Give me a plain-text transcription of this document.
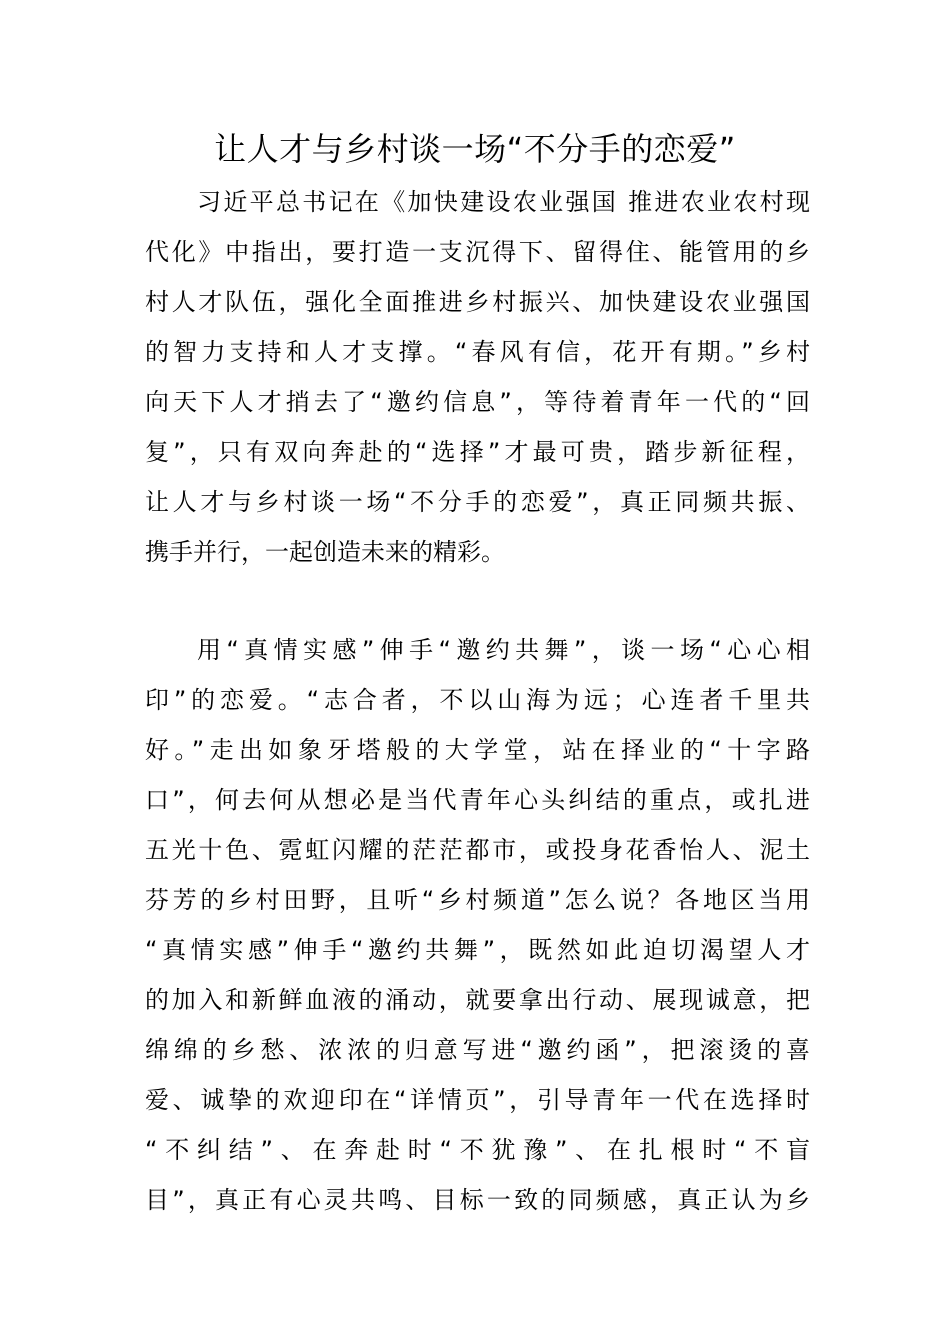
让人才与乡村谈一场“不分手的恋爱”
习近平总书记在《加快建设农业强国 推进农业农村现
代化》中指出，要打造一支沉得下、留得住、能管用的乡
村人才队伍，强化全面推进乡村振兴、加快建设农业强国
的智力支持和人才支撑。“春风有信，花开有期。”乡村
向天下人才捎去了“邀约信息”，等待着青年一代的“回
复”，只有双向奔赴的“选择”才最可贵，踏步新征程，
让人才与乡村谈一场“不分手的恋爱”，真正同频共振、
携手并行，一起创造未来的精彩。
用“真情实感”伸手“邀约共舞”，谈一场“心心相
印”的恋爱。“志合者，不以山海为远；心连者千里共
好。”走出如象牙塔般的大学堂，站在择业的“十字路
口”，何去何从想必是当代青年心头纠结的重点，或扎进
五光十色、霓虹闪耀的茫茫都市，或投身花香怡人、泥土
芬芳的乡村田野，且听“乡村频道”怎么说？各地区当用
“真情实感”伸手“邀约共舞”，既然如此迫切渴望人才
的加入和新鲜血液的涌动，就要拿出行动、展现诚意，把
绵绵的乡愁、浓浓的归意写进“邀约函”，把滚烫的喜
爱、诚挚的欢迎印在“详情页”，引导青年一代在选择时
“不纠结”、在奔赴时“不犹豫”、在扎根时“不盲
目”，真正有心灵共鸣、目标一致的同频感，真正认为乡
